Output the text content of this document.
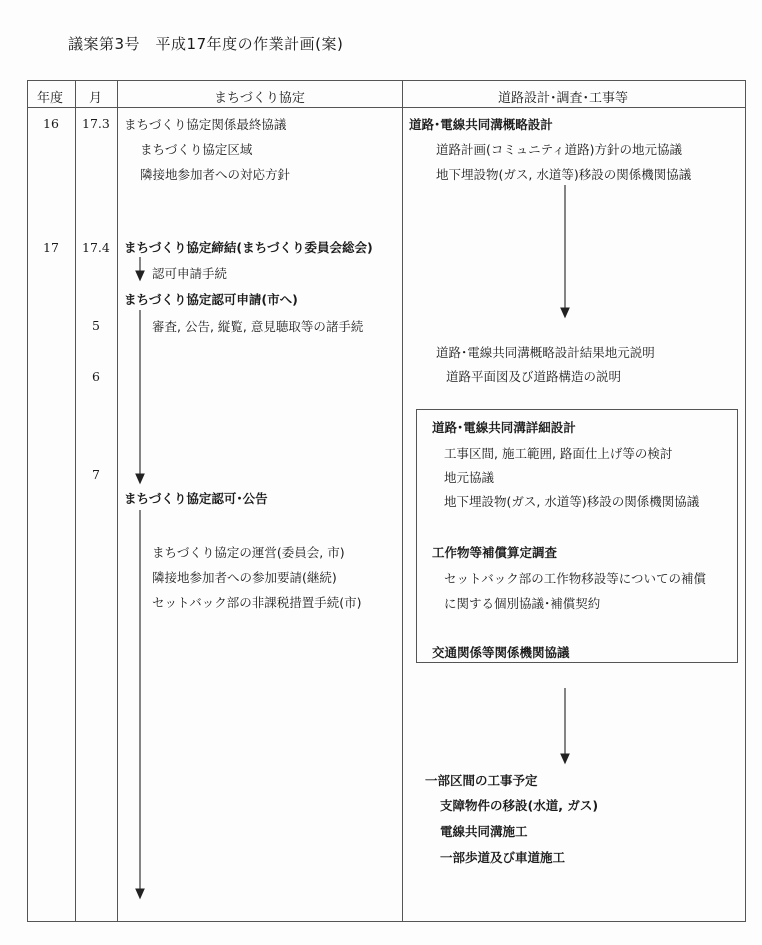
議案第3号　平成17年度の作業計画(案)
年度 月	まちづくり協定	道路設計･調査･工事等
16 17.3
17 17.4
5
6
7
まちづくり協定関係最終協議
まちづくり協定区域
隣接地参加者への対応方針
まちづくり協定締結(まちづくり委員会総会)
認可申請手続
まちづくり協定認可申請(市へ)
審査, 公告, 縦覧, 意見聴取等の諸手続
まちづくり協定認可･公告
まちづくり協定の運営(委員会, 市)
隣接地参加者への参加要請(継続)
セットバック部の非課税措置手続(市)
道路･電線共同溝概略設計
道路計画(コミュニティ道路)方針の地元協議
地下埋設物(ガス, 水道等)移設の関係機関協議
道路･電線共同溝概略設計結果地元説明
道路平面図及び道路構造の説明
道路･電線共同溝詳細設計
工事区間, 施工範囲, 路面仕上げ等の検討
地元協議
地下埋設物(ガス, 水道等)移設の関係機関協議
工作物等補償算定調査
セットバック部の工作物移設等についての補償
に関する個別協議･補償契約
交通関係等関係機関協議
一部区間の工事予定
支障物件の移設(水道, ガス)
電線共同溝施工
一部歩道及び車道施工
